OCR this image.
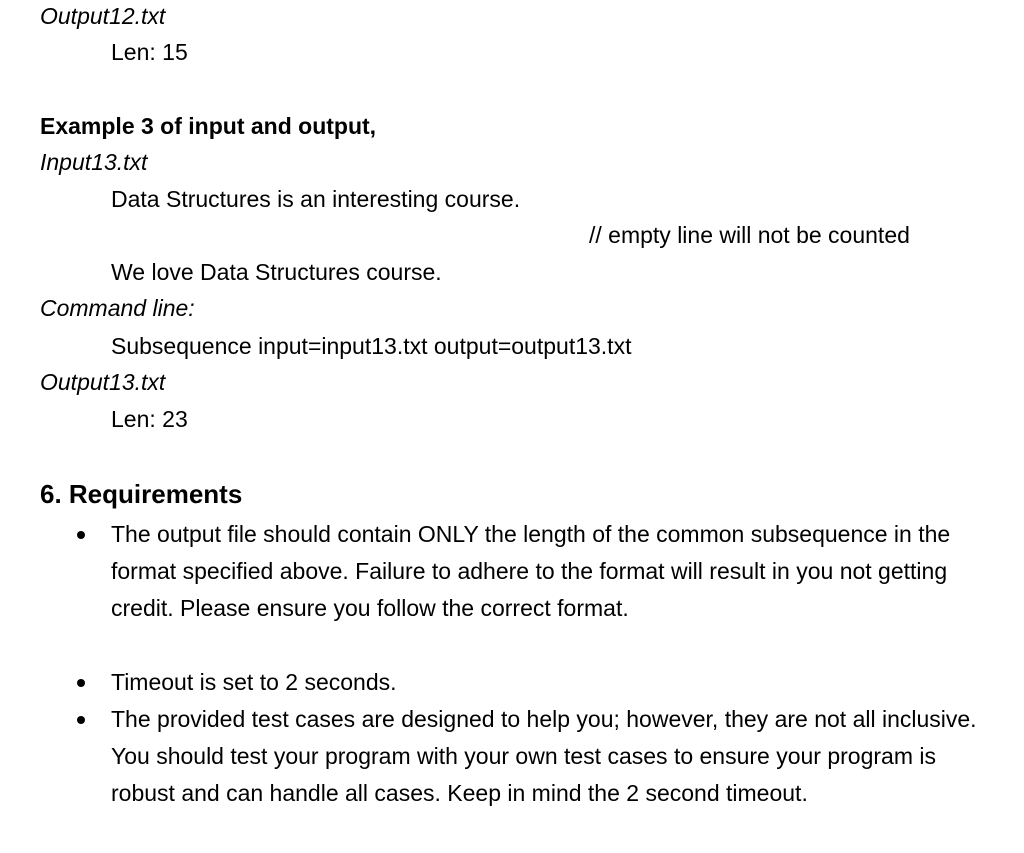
Output12.txt
Len: 15
Example 3 of input and output,
Input13.txt
Data Structures is an interesting course.
// empty line will not be counted
We love Data Structures course.
Command line:
Subsequence input=input13.txt output=output13.txt
Output13.txt
Len: 23
6. Requirements
The output file should contain ONLY the length of the common subsequence in the format specified above. Failure to adhere to the format will result in you not getting credit. Please ensure you follow the correct format.
Timeout is set to 2 seconds.
The provided test cases are designed to help you; however, they are not all inclusive. You should test your program with your own test cases to ensure your program is robust and can handle all cases. Keep in mind the 2 second timeout.
